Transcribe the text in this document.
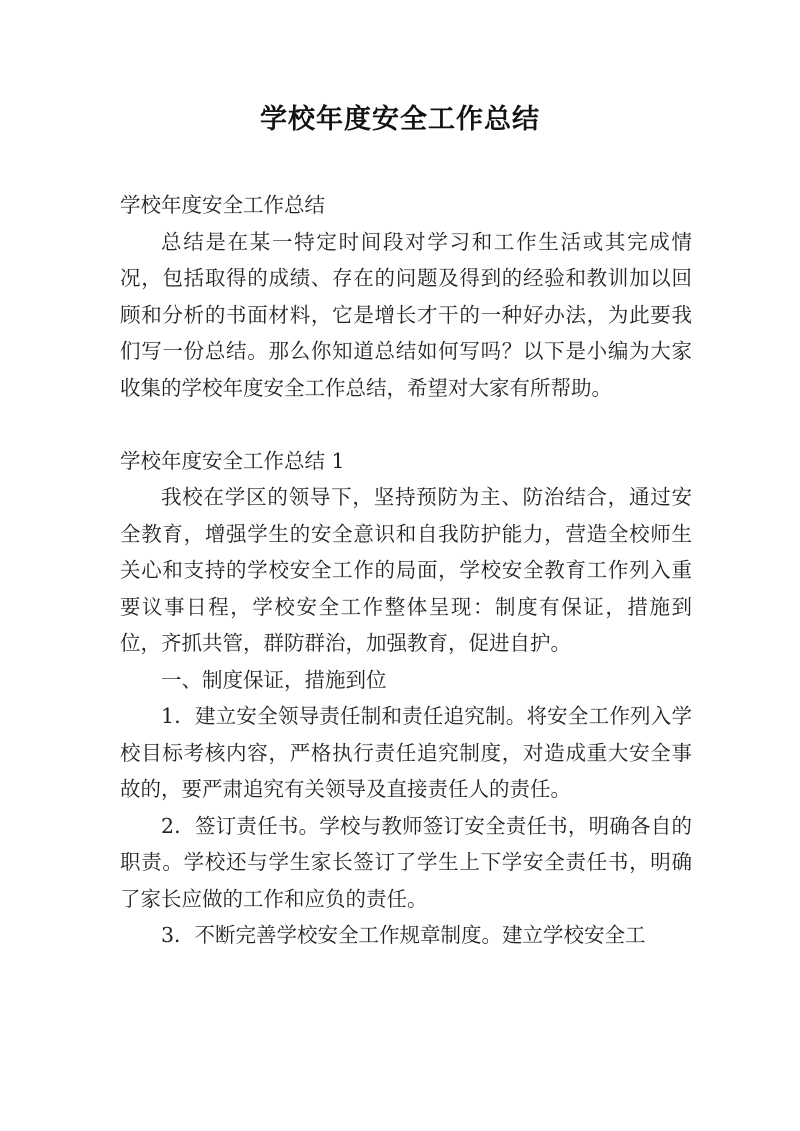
学校年度安全工作总结

学校年度安全工作总结

总结是在某一特定时间段对学习和工作生活或其完成情况，包括取得的成绩、存在的问题及得到的经验和教训加以回顾和分析的书面材料，它是增长才干的一种好办法，为此要我们写一份总结。那么你知道总结如何写吗？以下是小编为大家收集的学校年度安全工作总结，希望对大家有所帮助。

学校年度安全工作总结 1

我校在学区的领导下，坚持预防为主、防治结合，通过安全教育，增强学生的安全意识和自我防护能力，营造全校师生关心和支持的学校安全工作的局面，学校安全教育工作列入重要议事日程，学校安全工作整体呈现：制度有保证，措施到位，齐抓共管，群防群治，加强教育，促进自护。

一、制度保证，措施到位

1．建立安全领导责任制和责任追究制。将安全工作列入学校目标考核内容，严格执行责任追究制度，对造成重大安全事故的，要严肃追究有关领导及直接责任人的责任。

2．签订责任书。学校与教师签订安全责任书，明确各自的职责。学校还与学生家长签订了学生上下学安全责任书，明确了家长应做的工作和应负的责任。

3．不断完善学校安全工作规章制度。建立学校安全工
